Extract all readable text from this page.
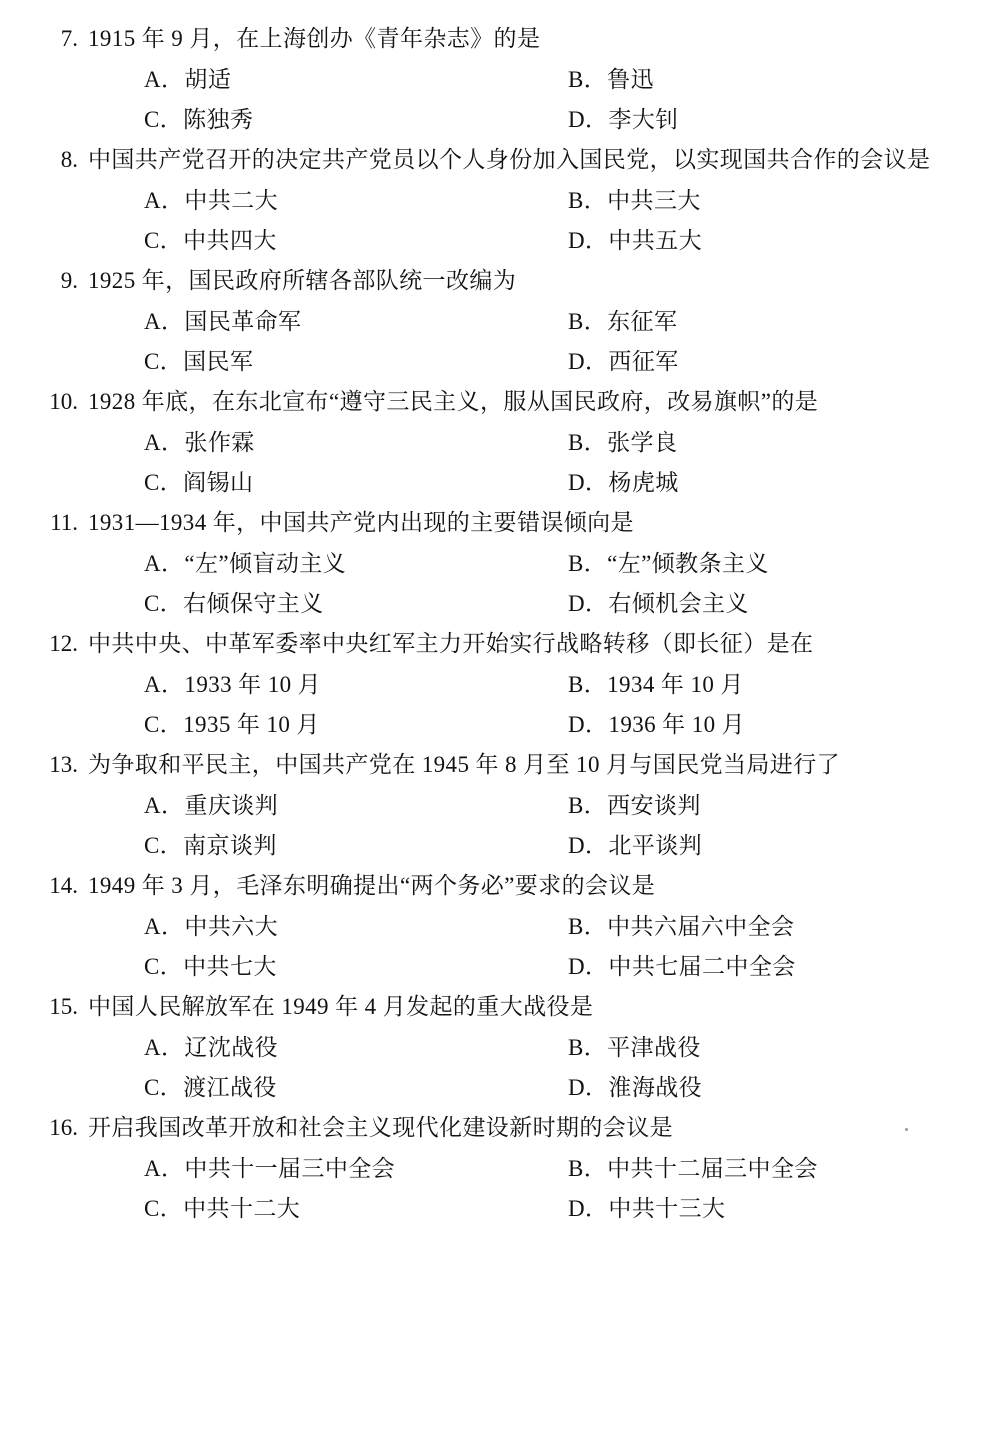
7. 1915 年 9 月，在上海创办《青年杂志》的是
A．胡适	B．鲁迅
C．陈独秀	D．李大钊
8. 中国共产党召开的决定共产党员以个人身份加入国民党，以实现国共合作的会议是
A．中共二大	B．中共三大
C．中共四大	D．中共五大
9. 1925 年，国民政府所辖各部队统一改编为
A．国民革命军	B．东征军
C．国民军	D．西征军
10. 1928 年底，在东北宣布“遵守三民主义，服从国民政府，改易旗帜”的是
A．张作霖	B．张学良
C．阎锡山	D．杨虎城
11. 1931—1934 年，中国共产党内出现的主要错误倾向是
A．“左”倾盲动主义	B．“左”倾教条主义
C．右倾保守主义	D．右倾机会主义
12. 中共中央、中革军委率中央红军主力开始实行战略转移（即长征）是在
A．1933 年 10 月	B．1934 年 10 月
C．1935 年 10 月	D．1936 年 10 月
13. 为争取和平民主，中国共产党在 1945 年 8 月至 10 月与国民党当局进行了
A．重庆谈判	B．西安谈判
C．南京谈判	D．北平谈判
14. 1949 年 3 月，毛泽东明确提出“两个务必”要求的会议是
A．中共六大	B．中共六届六中全会
C．中共七大	D．中共七届二中全会
15. 中国人民解放军在 1949 年 4 月发起的重大战役是
A．辽沈战役	B．平津战役
C．渡江战役	D．淮海战役
16. 开启我国改革开放和社会主义现代化建设新时期的会议是
A．中共十一届三中全会	B．中共十二届三中全会
C．中共十二大	D．中共十三大
